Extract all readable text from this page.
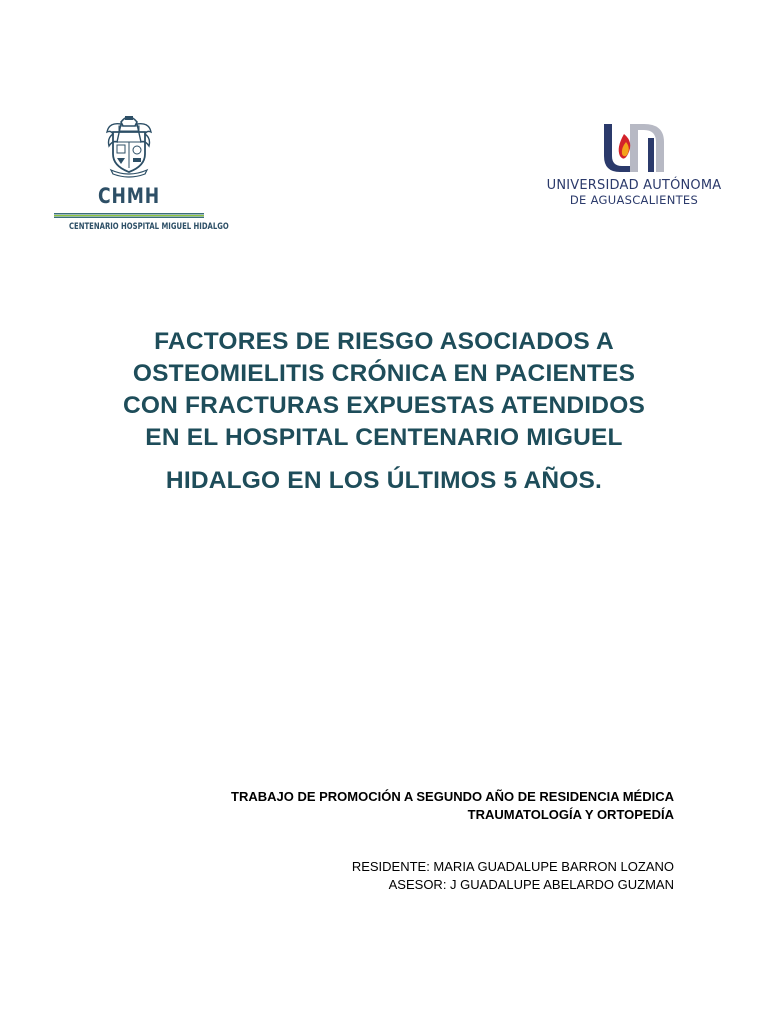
CHMH
CENTENARIO HOSPITAL MIGUEL HIDALGO
UNIVERSIDAD AUTÓNOMA
DE AGUASCALIENTES
FACTORES DE RIESGO ASOCIADOS A
OSTEOMIELITIS CRÓNICA EN PACIENTES
CON FRACTURAS EXPUESTAS ATENDIDOS
EN EL HOSPITAL CENTENARIO MIGUEL
HIDALGO EN LOS ÚLTIMOS 5 AÑOS.
TRABAJO DE PROMOCIÓN A SEGUNDO AÑO DE RESIDENCIA MÉDICA
TRAUMATOLOGÍA Y ORTOPEDÍA
RESIDENTE: MARIA GUADALUPE BARRON LOZANO
ASESOR: J GUADALUPE ABELARDO GUZMAN
